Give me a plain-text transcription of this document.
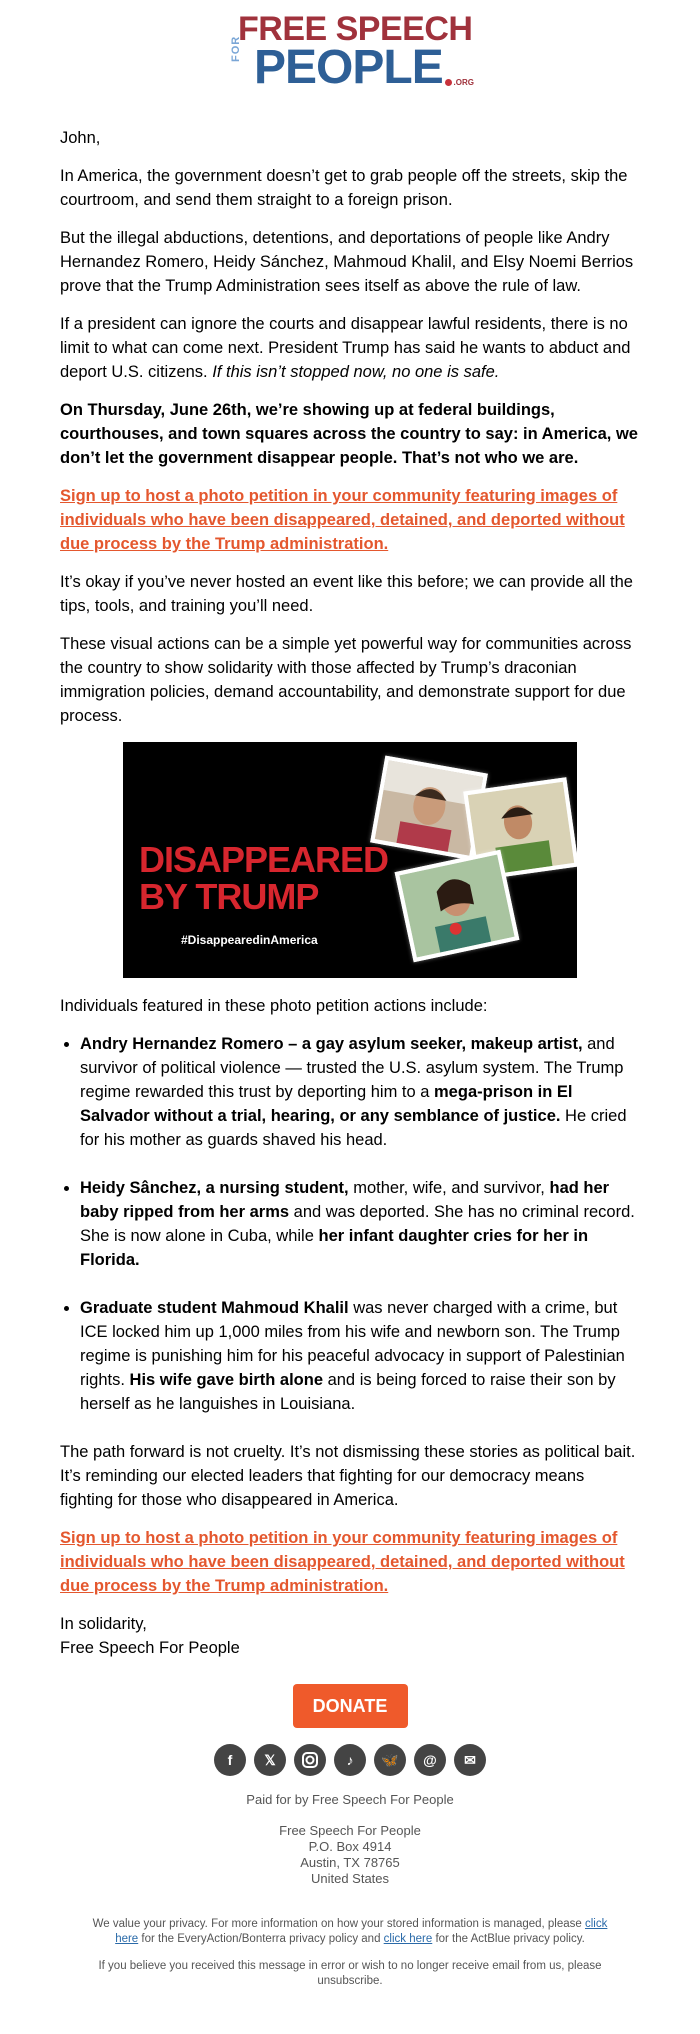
FREE SPEECH
FOR PEOPLE	.ORG

John,

In America, the government doesn’t get to grab people off the streets, skip the courtroom, and send them straight to a foreign prison.

But the illegal abductions, detentions, and deportations of people like Andry Hernandez Romero, Heidy Sánchez, Mahmoud Khalil, and Elsy Noemi Berrios prove that the Trump Administration sees itself as above the rule of law.

If a president can ignore the courts and disappear lawful residents, there is no limit to what can come next. President Trump has said he wants to abduct and deport U.S. citizens. If this isn’t stopped now, no one is safe.

On Thursday, June 26th, we’re showing up at federal buildings, courthouses, and town squares across the country to say: in America, we don’t let the government disappear people. That’s not who we are.

Sign up to host a photo petition in your community featuring images of individuals who have been disappeared, detained, and deported without due process by the Trump administration.

It’s okay if you’ve never hosted an event like this before; we can provide all the tips, tools, and training you’ll need.

These visual actions can be a simple yet powerful way for communities across the country to show solidarity with those affected by Trump’s draconian immigration policies, demand accountability, and demonstrate support for due process.

DISAPPEARED
BY TRUMP
#DisappearedinAmerica

Individuals featured in these photo petition actions include:

• Andry Hernandez Romero – a gay asylum seeker, makeup artist, and survivor of political violence — trusted the U.S. asylum system. The Trump regime rewarded this trust by deporting him to a mega-prison in El Salvador without a trial, hearing, or any semblance of justice. He cried for his mother as guards shaved his head.
• Heidy Sânchez, a nursing student, mother, wife, and survivor, had her baby ripped from her arms and was deported. She has no criminal record. She is now alone in Cuba, while her infant daughter cries for her in Florida.
• Graduate student Mahmoud Khalil was never charged with a crime, but ICE locked him up 1,000 miles from his wife and newborn son. The Trump regime is punishing him for his peaceful advocacy in support of Palestinian rights. His wife gave birth alone and is being forced to raise their son by herself as he languishes in Louisiana.

The path forward is not cruelty. It’s not dismissing these stories as political bait. It’s reminding our elected leaders that fighting for our democracy means fighting for those who disappeared in America.

Sign up to host a photo petition in your community featuring images of individuals who have been disappeared, detained, and deported without due process by the Trump administration.

In solidarity,

Free Speech For People

DONATE
f	𝕏	♪	🦋	@	✉
Paid for by Free Speech For People
Free Speech For People
P.O. Box 4914
Austin, TX 78765
United States
We value your privacy. For more information on how your stored information is managed, please click here for the EveryAction/Bonterra privacy policy and click here for the ActBlue privacy policy.
If you believe you received this message in error or wish to no longer receive email from us, please unsubscribe.
